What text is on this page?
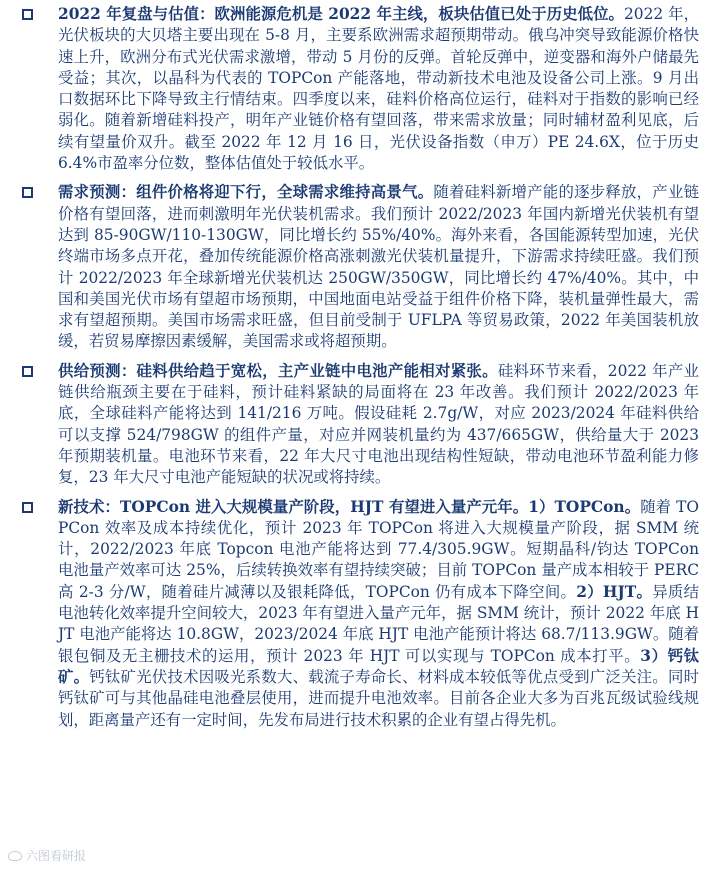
2022 年复盘与估值：欧洲能源危机是 2022 年主线，板块估值已处于历史低位。2022 年，光伏板块的大贝塔主要出现在 5-8 月，主要系欧洲需求超预期带动。俄乌冲突导致能源价格快速上升，欧洲分布式光伏需求激增，带动 5 月份的反弹。首轮反弹中，逆变器和海外户储最先受益；其次，以晶科为代表的 TOPCon 产能落地，带动新技术电池及设备公司上涨。9 月出口数据环比下降导致主行情结束。四季度以来，硅料价格高位运行，硅料对于指数的影响已经弱化。随着新增硅料投产，明年产业链价格有望回落，带来需求放量；同时辅材盈利见底，后续有望量价双升。截至 2022 年 12 月 16 日，光伏设备指数（申万）PE 24.6X，位于历史 6.4%市盈率分位数，整体估值处于较低水平。

需求预测：组件价格将迎下行，全球需求维持高景气。随着硅料新增产能的逐步释放，产业链价格有望回落，进而刺激明年光伏装机需求。我们预计 2022/2023 年国内新增光伏装机有望达到 85-90GW/110-130GW，同比增长约 55%/40%。海外来看，各国能源转型加速，光伏终端市场多点开花，叠加传统能源价格高涨刺激光伏装机量提升，下游需求持续旺盛。我们预计 2022/2023 年全球新增光伏装机达 250GW/350GW，同比增长约 47%/40%。其中，中国和美国光伏市场有望超市场预期，中国地面电站受益于组件价格下降，装机量弹性最大，需求有望超预期。美国市场需求旺盛，但目前受制于 UFLPA 等贸易政策，2022 年美国装机放缓，若贸易摩擦因素缓解，美国需求或将超预期。

供给预测：硅料供给趋于宽松，主产业链中电池产能相对紧张。硅料环节来看，2022 年产业链供给瓶颈主要在于硅料，预计硅料紧缺的局面将在 23 年改善。我们预计 2022/2023 年底，全球硅料产能将达到 141/216 万吨。假设硅耗 2.7g/W，对应 2023/2024 年硅料供给可以支撑 524/798GW 的组件产量，对应并网装机量约为 437/665GW，供给量大于 2023 年预期装机量。电池环节来看，22 年大尺寸电池出现结构性短缺，带动电池环节盈利能力修复，23 年大尺寸电池产能短缺的状况或将持续。

新技术：TOPCon 进入大规模量产阶段，HJT 有望进入量产元年。1）TOPCon。随着 TOPCon 效率及成本持续优化，预计 2023 年 TOPCon 将进入大规模量产阶段，据 SMM 统计，2022/2023 年底 Topcon 电池产能将达到 77.4/305.9GW。短期晶科/钧达 TOPCon 电池量产效率可达 25%，后续转换效率有望持续突破；目前 TOPCon 量产成本相较于 PERC 高 2-3 分/W，随着硅片减薄以及银耗降低，TOPCon 仍有成本下降空间。2）HJT。异质结电池转化效率提升空间较大，2023 年有望进入量产元年，据 SMM 统计，预计 2022 年底 HJT 电池产能将达 10.8GW，2023/2024 年底 HJT 电池产能预计将达 68.7/113.9GW。随着银包铜及无主栅技术的运用，预计 2023 年 HJT 可以实现与 TOPCon 成本打平。3）钙钛矿。钙钛矿光伏技术因吸光系数大、载流子寿命长、材料成本较低等优点受到广泛关注。同时钙钛矿可与其他晶硅电池叠层使用，进而提升电池效率。目前各企业大多为百兆瓦级试验线规划，距离量产还有一定时间，先发布局进行技术积累的企业有望占得先机。

六图看研报
